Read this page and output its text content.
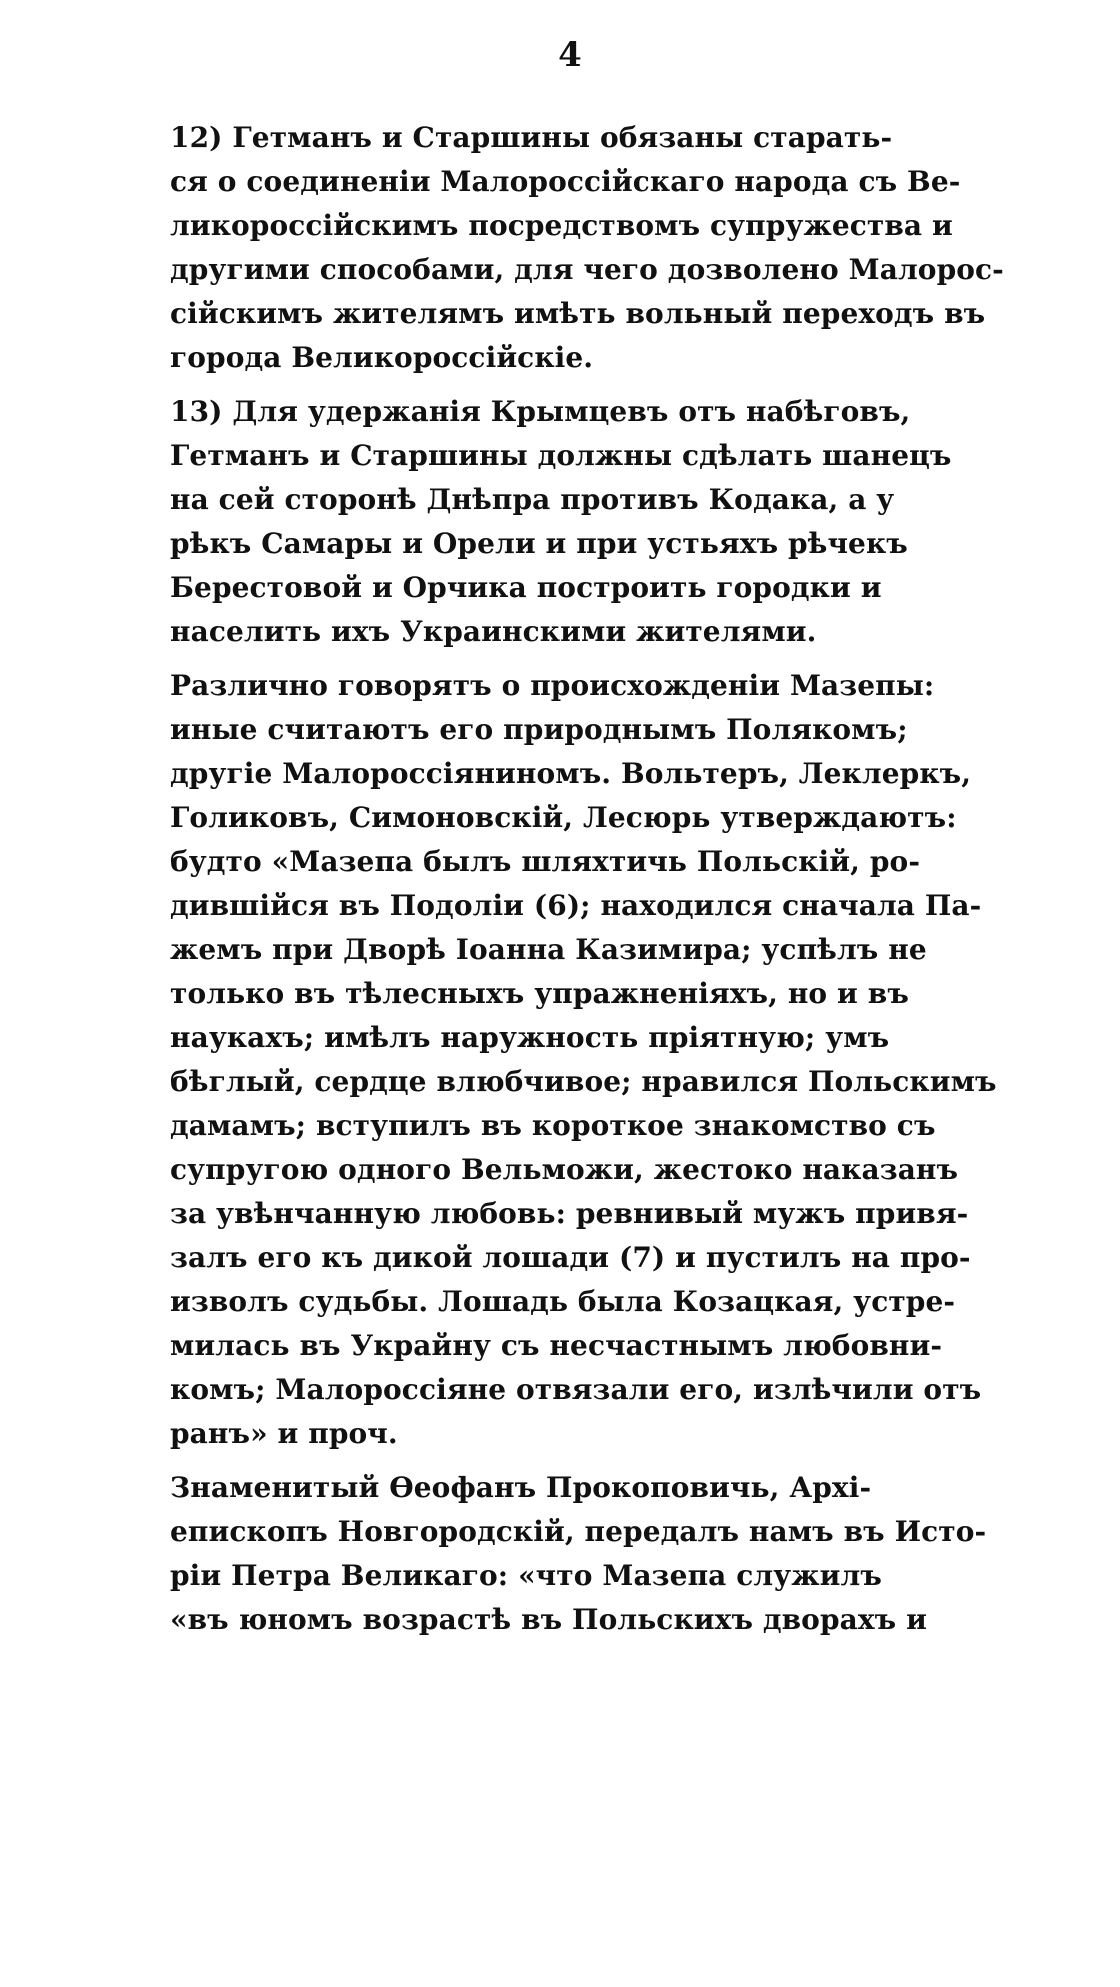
4
12) Гетманъ и Старшины обязаны старать-
ся о соединеніи Малороссійскаго народа съ Ве-
ликороссійскимъ посредствомъ супружества и
другими способами, для чего дозволено Малорос-
сійскимъ жителямъ имѣть вольный переходъ въ
города Великороссійскіе.
13) Для удержанія Крымцевъ отъ набѣговъ,
Гетманъ и Старшины должны сдѣлать шанецъ
на сей сторонѣ Днѣпра противъ Кодака, а у
рѣкъ Самары и Орели и при устьяхъ рѣчекъ
Берестовой и Орчика построить городки и
населить ихъ Украинскими жителями.
Различно говорятъ о происхожденіи Мазепы:
иные считаютъ его природнымъ Полякомъ;
другіе Малороссіяниномъ. Вольтеръ, Леклеркъ,
Голиковъ, Симоновскій, Лесюрь утверждаютъ:
будто «Мазепа былъ шляхтичь Польскій, ро-
дившійся въ Подоліи (6); находился сначала Па-
жемъ при Дворѣ Іоанна Казимира; успѣлъ не
только въ тѣлесныхъ упражненіяхъ, но и въ
наукахъ; имѣлъ наружность пріятную; умъ
бѣглый, сердце влюбчивое; нравился Польскимъ
дамамъ; вступилъ въ короткое знакомство съ
супругою одного Вельможи, жестоко наказанъ
за увѣнчанную любовь: ревнивый мужъ привя-
залъ его къ дикой лошади (7) и пустилъ на про-
изволъ судьбы. Лошадь была Козацкая, устре-
милась въ Украйну съ несчастнымъ любовни-
комъ; Малороссіяне отвязали его, излѣчили отъ
ранъ» и проч.
Знаменитый Ѳеофанъ Прокоповичь, Архі-
епископъ Новгородскій, передалъ намъ въ Исто-
ріи Петра Великаго: «что Мазепа служилъ
«въ юномъ возрастѣ въ Польскихъ дворахъ и
